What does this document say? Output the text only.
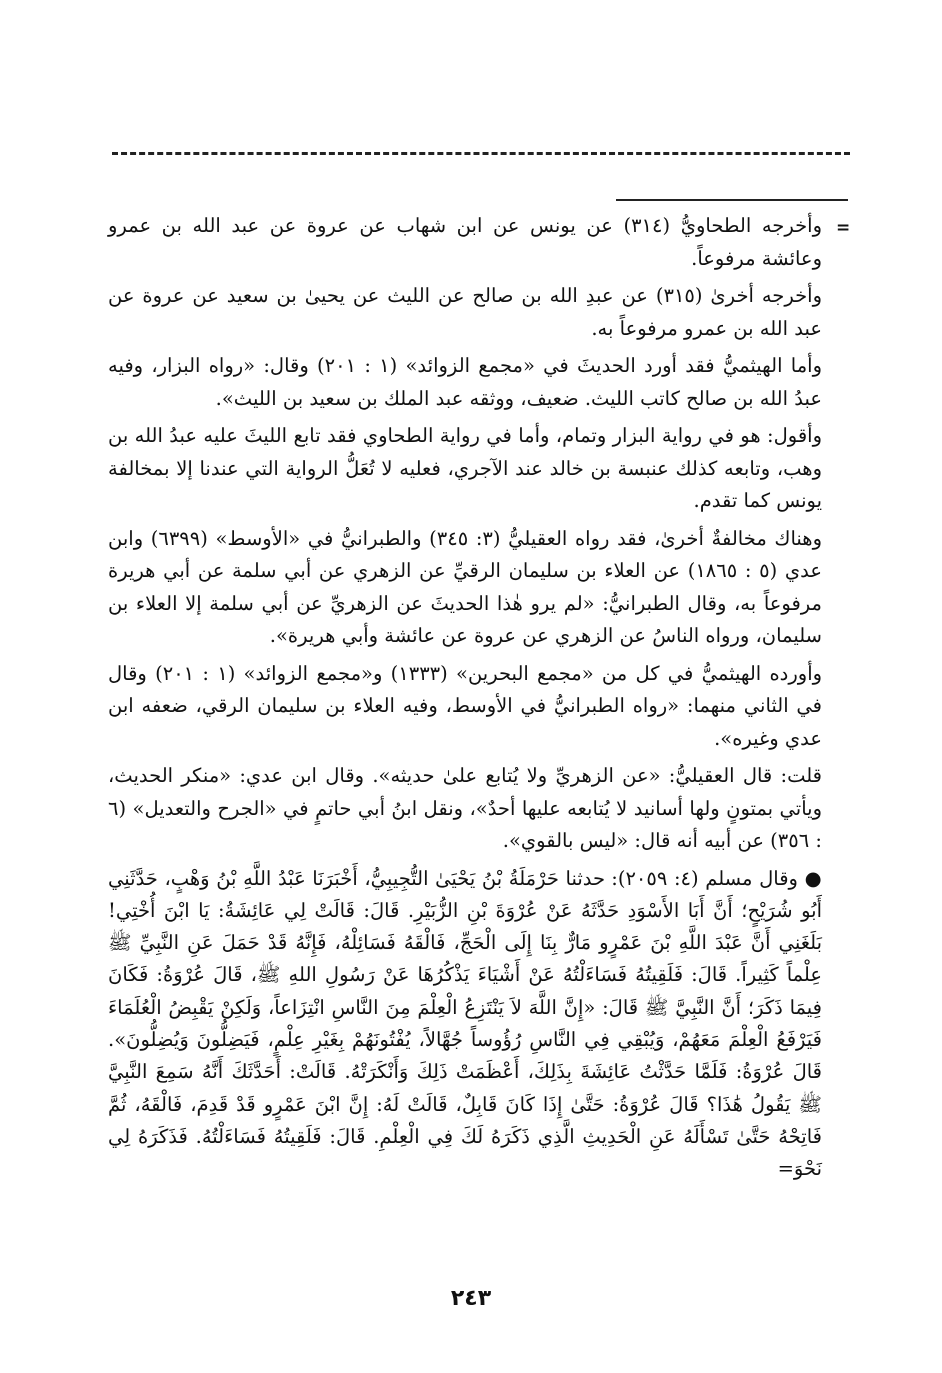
=

وأخرجه الطحاويُّ (٣١٤) عن يونس عن ابن شهاب عن عروة عن عبد الله بن عمرو وعائشة مرفوعاً.

وأخرجه أخرىٰ (٣١٥) عن عبدِ الله بن صالح عن الليث عن يحيىٰ بن سعيد عن عروة عن عبد الله بن عمرو مرفوعاً به.

وأما الهيثميُّ فقد أورد الحديثَ في «مجمع الزوائد» (١ : ٢٠١) وقال: «رواه البزار، وفيه عبدُ الله بن صالح كاتب الليث. ضعيف، ووثقه عبد الملك بن سعيد بن الليث».

وأقول: هو في رواية البزار وتمام، وأما في رواية الطحاوي فقد تابع الليثَ عليه عبدُ الله بن وهب، وتابعه كذلك عنبسة بن خالد عند الآجري، فعليه لا تُعَلُّ الرواية التي عندنا إلا بمخالفة يونس كما تقدم.

وهناك مخالفةٌ أخرىٰ، فقد رواه العقيليُّ (٣: ٣٤٥) والطبرانيُّ في «الأوسط» (٦٣٩٩) وابن عدي (٥ : ١٨٦٥) عن العلاء بن سليمان الرقيِّ عن الزهري عن أبي سلمة عن أبي هريرة مرفوعاً به، وقال الطبرانيُّ: «لم يرو هٰذا الحديثَ عن الزهريِّ عن أبي سلمة إلا العلاء بن سليمان، ورواه الناسُ عن الزهري عن عروة عن عائشة وأبي هريرة».

وأورده الهيثميُّ في كل من «مجمع البحرين» (١٣٣٣) و«مجمع الزوائد» (١ : ٢٠١) وقال في الثاني منهما: «رواه الطبرانيُّ في الأوسط، وفيه العلاء بن سليمان الرقي، ضعفه ابن عدي وغيره».

قلت: قال العقيليُّ: «عن الزهريِّ ولا يُتابع علىٰ حديثه». وقال ابن عدي: «منكر الحديث، ويأتي بمتونٍ ولها أسانيد لا يُتابعه عليها أحدٌ»، ونقل ابنُ أبي حاتمٍ في «الجرح والتعديل» (٦ : ٣٥٦) عن أبيه أنه قال: «ليس بالقوي».

● وقال مسلم (٤: ٢٠٥٩): حدثنا حَرْمَلَةُ بْنُ يَحْيَىٰ التُّجِيبِيُّ، أَخْبَرَنَا عَبْدُ اللَّهِ بْنُ وَهْبٍ، حَدَّثَنِي أَبُو شُرَيْحٍ؛ أَنَّ أَبَا الأَسْوَدِ حَدَّثَهُ عَنْ عُرْوَةَ بْنِ الزُّبَيْرِ. قَالَ: قَالَتْ لِي عَائِشَةُ: يَا ابْنَ أُخْتِي! بَلَغَنِي أَنَّ عَبْدَ اللَّهِ بْنَ عَمْرٍو مَارٌّ بِنَا إِلَى الْحَجِّ، فَالْقَهُ فَسَائِلْهُ، فَإِنَّهُ قَدْ حَمَلَ عَنِ النَّبِيِّ ﷺ عِلْماً كَثِيراً. قَالَ: فَلَقِيتُهُ فَسَاءَلْتُهُ عَنْ أَشْيَاءَ يَذْكُرُهَا عَنْ رَسُولِ اللهِ ﷺ، قَالَ عُرْوَةُ: فَكَانَ فِيمَا ذَكَرَ؛ أَنَّ النَّبِيَّ ﷺ قَالَ: «إِنَّ اللَّهَ لاَ يَنْتَزِعُ الْعِلْمَ مِنَ النَّاسِ انْتِزَاعاً، وَلَكِنْ يَقْبِضُ الْعُلَمَاءَ فَيَرْفَعُ الْعِلْمَ مَعَهُمْ، وَيُبْقِي فِي النَّاسِ رُؤُوساً جُهَّالاً، يُفْتُونَهُمْ بِغَيْرِ عِلْمٍ، فَيَضِلُّونَ وَيُضِلُّونَ». قَالَ عُرْوَةُ: فَلَمَّا حَدَّثْتُ عَائِشَةَ بِذَلِكَ، أَعْظَمَتْ ذَلِكَ وَأَنْكَرَتْهُ. قَالَتْ: أَحَدَّثَكَ أَنَّهُ سَمِعَ النَّبِيَّ ﷺ يَقُولُ هَٰذَا؟ قَالَ عُرْوَةُ: حَتَّىٰ إِذَا كَانَ قَابِلٌ، قَالَتْ لَهُ: إِنَّ ابْنَ عَمْرٍو قَدْ قَدِمَ، فَالْقَهُ، ثُمَّ فَاتِحْهُ حَتَّىٰ تَسْأَلَهُ عَنِ الْحَدِيثِ الَّذِي ذَكَرَهُ لَكَ فِي الْعِلْمِ. قَالَ: فَلَقِيتُهُ فَسَاءَلْتُهُ. فَذَكَرَهُ لِي نَحْوَ=

٢٤٣
